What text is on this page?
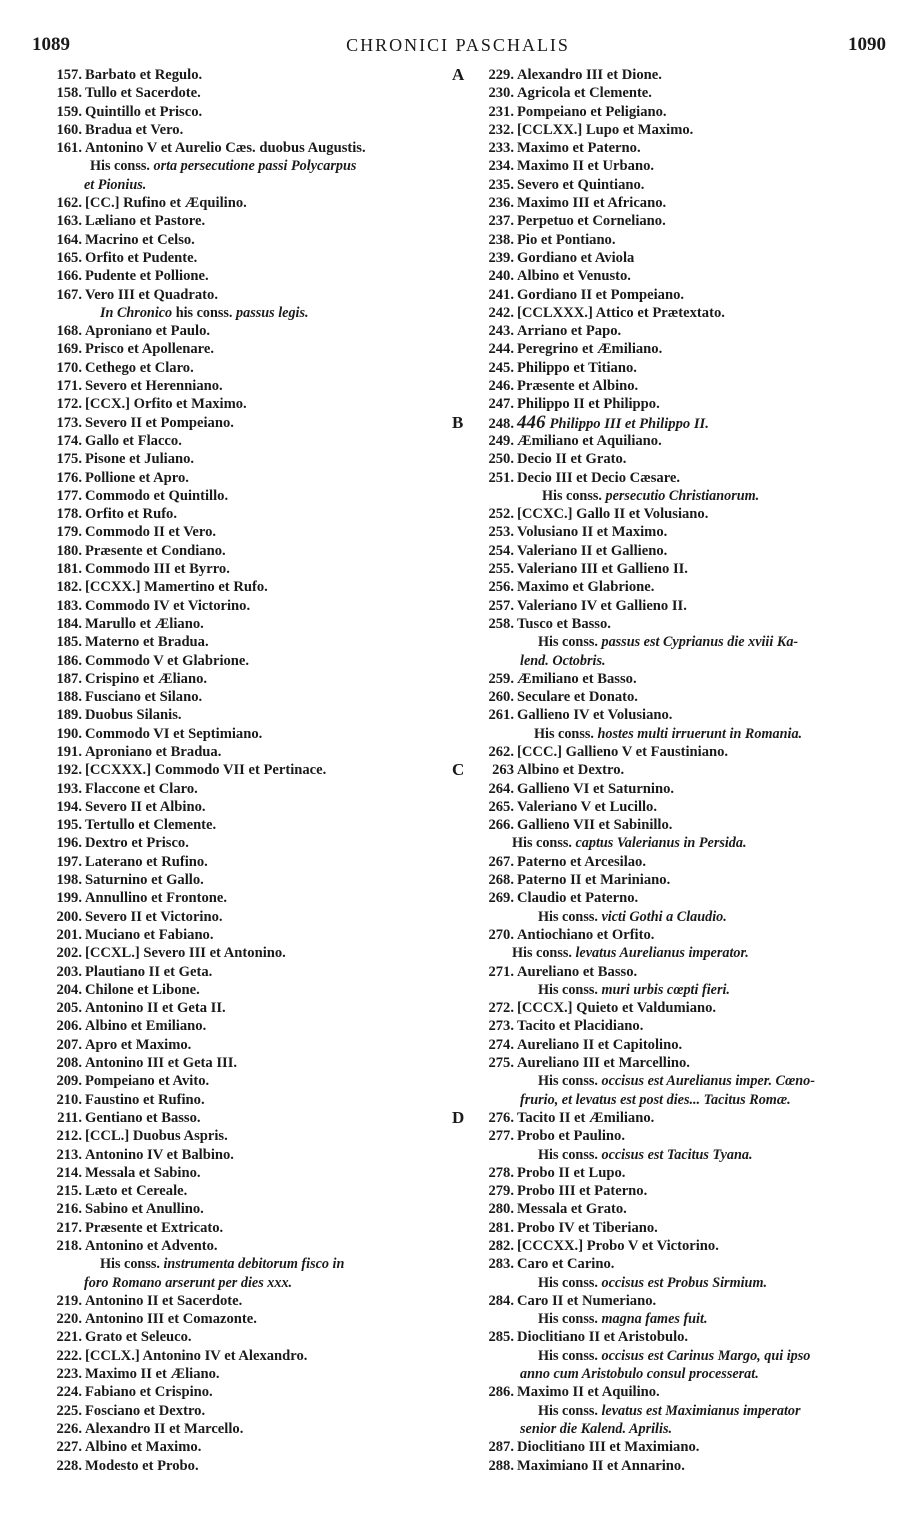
1089	CHRONICI PASCHALIS	1090
157. Barbato et Regulo.
158. Tullo et Sacerdote.
159. Quintillo et Prisco.
160. Bradua et Vero.
161. Antonino V et Aurelio Cæs. duobus Augustis.
His conss. orta persecutione passi Polycarpus
et Pionius.
162. [CC.] Rufino et Æquilino.
163. Læliano et Pastore.
164. Macrino et Celso.
165. Orfito et Pudente.
166. Pudente et Pollione.
167. Vero III et Quadrato.
In Chronico his conss. passus legis.
168. Aproniano et Paulo.
169. Prisco et Apollenare.
170. Cethego et Claro.
171. Severo et Herenniano.
172. [CCX.] Orfito et Maximo.
173. Severo II et Pompeiano.
174. Gallo et Flacco.
175. Pisone et Juliano.
176. Pollione et Apro.
177. Commodo et Quintillo.
178. Orfito et Rufo.
179. Commodo II et Vero.
180. Præsente et Condiano.
181. Commodo III et Byrro.
182. [CCXX.] Mamertino et Rufo.
183. Commodo IV et Victorino.
184. Marullo et Æliano.
185. Materno et Bradua.
186. Commodo V et Glabrione.
187. Crispino et Æliano.
188. Fusciano et Silano.
189. Duobus Silanis.
190. Commodo VI et Septimiano.
191. Aproniano et Bradua.
192. [CCXXX.] Commodo VII et Pertinace.
193. Flaccone et Claro.
194. Severo II et Albino.
195. Tertullo et Clemente.
196. Dextro et Prisco.
197. Laterano et Rufino.
198. Saturnino et Gallo.
199. Annullino et Frontone.
200. Severo II et Victorino.
201. Muciano et Fabiano.
202. [CCXL.] Severo III et Antonino.
203. Plautiano II et Geta.
204. Chilone et Libone.
205. Antonino II et Geta II.
206. Albino et Emiliano.
207. Apro et Maximo.
208. Antonino III et Geta III.
209. Pompeiano et Avito.
210. Faustino et Rufino.
211. Gentiano et Basso.
212. [CCL.] Duobus Aspris.
213. Antonino IV et Balbino.
214. Messala et Sabino.
215. Læto et Cereale.
216. Sabino et Anullino.
217. Præsente et Extricato.
218. Antonino et Advento.
His conss. instrumenta debitorum fisco in
foro Romano arserunt per dies xxx.
219. Antonino II et Sacerdote.
220. Antonino III et Comazonte.
221. Grato et Seleuco.
222. [CCLX.] Antonino IV et Alexandro.
223. Maximo II et Æliano.
224. Fabiano et Crispino.
225. Fosciano et Dextro.
226. Alexandro II et Marcello.
227. Albino et Maximo.
228. Modesto et Probo.
A 229. Alexandro III et Dione.
230. Agricola et Clemente.
231. Pompeiano et Peligiano.
232. [CCLXX.] Lupo et Maximo.
233. Maximo et Paterno.
234. Maximo II et Urbano.
235. Severo et Quintiano.
236. Maximo III et Africano.
237. Perpetuo et Corneliano.
238. Pio et Pontiano.
239. Gordiano et Aviola
240. Albino et Venusto.
241. Gordiano II et Pompeiano.
242. [CCLXXX.] Attico et Prætextato.
243. Arriano et Papo.
244. Peregrino et Æmiliano.
245. Philippo et Titiano.
246. Præsente et Albino.
247. Philippo II et Philippo.
B 248. 446 Philippo III et Philippo II.
249. Æmiliano et Aquiliano.
250. Decio II et Grato.
251. Decio III et Decio Cæsare.
His conss. persecutio Christianorum.
252. [CCXC.] Gallo II et Volusiano.
253. Volusiano II et Maximo.
254. Valeriano II et Gallieno.
255. Valeriano III et Gallieno II.
256. Maximo et Glabrione.
257. Valeriano IV et Gallieno II.
258. Tusco et Basso.
His conss. passus est Cyprianus die xviii Ka-
lend. Octobris.
259. Æmiliano et Basso.
260. Seculare et Donato.
261. Gallieno IV et Volusiano.
His conss. hostes multi irruerunt in Romania.
262. [CCC.] Gallieno V et Faustiniano.
C 263 Albino et Dextro.
264. Gallieno VI et Saturnino.
265. Valeriano V et Lucillo.
266. Gallieno VII et Sabinillo.
His conss. captus Valerianus in Persida.
267. Paterno et Arcesilao.
268. Paterno II et Mariniano.
269. Claudio et Paterno.
His conss. victi Gothi a Claudio.
270. Antiochiano et Orfito.
His conss. levatus Aurelianus imperator.
271. Aureliano et Basso.
His conss. muri urbis cœpti fieri.
272. [CCCX.] Quieto et Valdumiano.
273. Tacito et Placidiano.
274. Aureliano II et Capitolino.
275. Aureliano III et Marcellino.
His conss. occisus est Aurelianus imper. Cœno-
frurio, et levatus est post dies... Tacitus Romæ.
D 276. Tacito II et Æmiliano.
277. Probo et Paulino.
His conss. occisus est Tacitus Tyana.
278. Probo II et Lupo.
279. Probo III et Paterno.
280. Messala et Grato.
281. Probo IV et Tiberiano.
282. [CCCXX.] Probo V et Victorino.
283. Caro et Carino.
His conss. occisus est Probus Sirmium.
284. Caro II et Numeriano.
His conss. magna fames fuit.
285. Dioclitiano II et Aristobulo.
His conss. occisus est Carinus Margo, qui ipso
anno cum Aristobulo consul processerat.
286. Maximo II et Aquilino.
His conss. levatus est Maximianus imperator
senior die Kalend. Aprilis.
287. Dioclitiano III et Maximiano.
288. Maximiano II et Annarino.
